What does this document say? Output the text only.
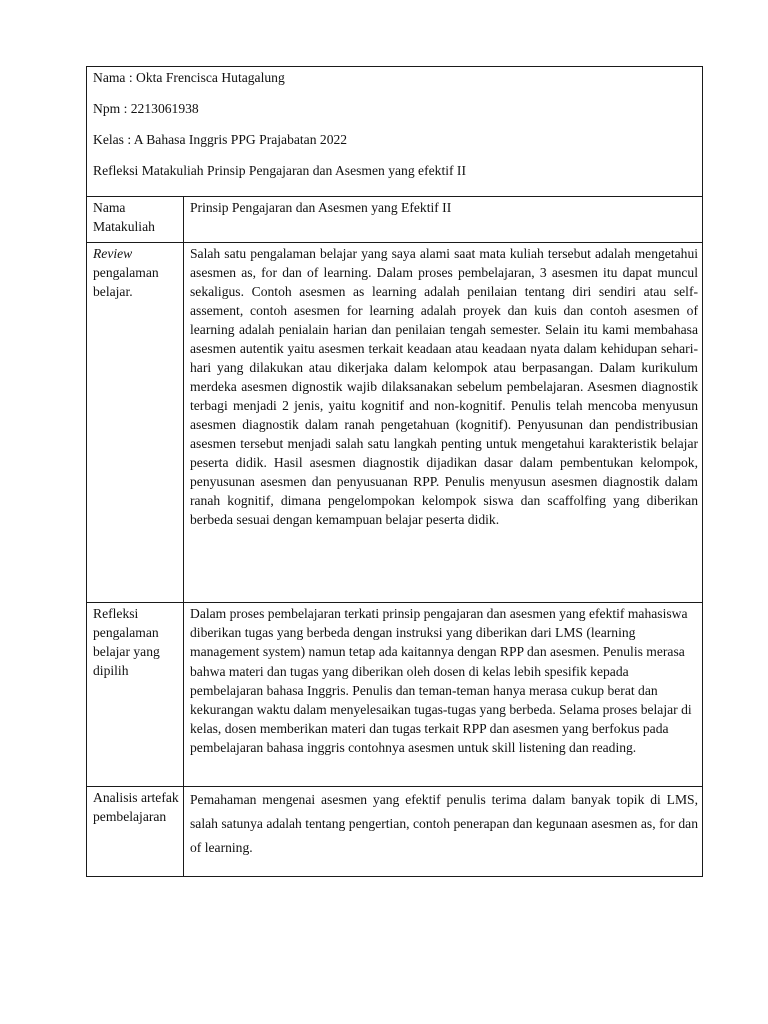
Nama : Okta Frencisca Hutagalung
Npm : 2213061938
Kelas : A Bahasa Inggris PPG Prajabatan 2022
Refleksi Matakuliah Prinsip Pengajaran dan Asesmen yang efektif II	

Nama Matakuliah	Prinsip Pengajaran dan Asesmen yang Efektif II

Review
pengalaman belajar.	Salah satu pengalaman belajar yang saya alami saat mata kuliah tersebut adalah mengetahui asesmen as, for dan of learning. Dalam proses pembelajaran, 3 asesmen itu dapat muncul sekaligus. Contoh asesmen as learning adalah penilaian tentang diri sendiri atau self-assement, contoh asesmen for learning adalah proyek dan kuis dan contoh asesmen of learning adalah penialain harian dan penilaian tengah semester. Selain itu kami membahasa asesmen autentik yaitu asesmen terkait keadaan atau keadaan nyata dalam kehidupan sehari-hari yang dilakukan atau dikerjaka dalam kelompok atau berpasangan. Dalam kurikulum merdeka asesmen dignostik wajib dilaksanakan sebelum pembelajaran. Asesmen diagnostik terbagi menjadi 2 jenis, yaitu kognitif and non-kognitif. Penulis telah mencoba menyusun asesmen diagnostik dalam ranah pengetahuan (kognitif). Penyusunan dan pendistribusian asesmen tersebut menjadi salah satu langkah penting untuk mengetahui karakteristik belajar peserta didik. Hasil asesmen diagnostik dijadikan dasar dalam pembentukan kelompok, penyusunan asesmen dan penyusuanan RPP. Penulis menyusun asesmen diagnostik dalam ranah kognitif, dimana pengelompokan kelompok siswa dan scaffolfing yang diberikan berbeda sesuai dengan kemampuan belajar peserta didik.

Refleksi pengalaman belajar yang dipilih	Dalam proses pembelajaran terkati prinsip pengajaran dan asesmen yang efektif mahasiswa diberikan tugas yang berbeda dengan instruksi yang diberikan dari LMS (learning management system) namun tetap ada kaitannya dengan RPP dan asesmen. Penulis merasa bahwa materi dan tugas yang diberikan oleh dosen di kelas lebih spesifik kepada pembelajaran bahasa Inggris. Penulis dan teman-teman hanya merasa cukup berat dan kekurangan waktu dalam menyelesaikan tugas-tugas yang berbeda. Selama proses belajar di kelas, dosen memberikan materi dan tugas terkait RPP dan asesmen yang berfokus pada pembelajaran bahasa inggris contohnya asesmen untuk skill listening dan reading.

Analisis artefak pembelajaran	Pemahaman mengenai asesmen yang efektif penulis terima dalam banyak topik di LMS, salah satunya adalah tentang pengertian, contoh penerapan dan kegunaan asesmen as, for dan of learning.
